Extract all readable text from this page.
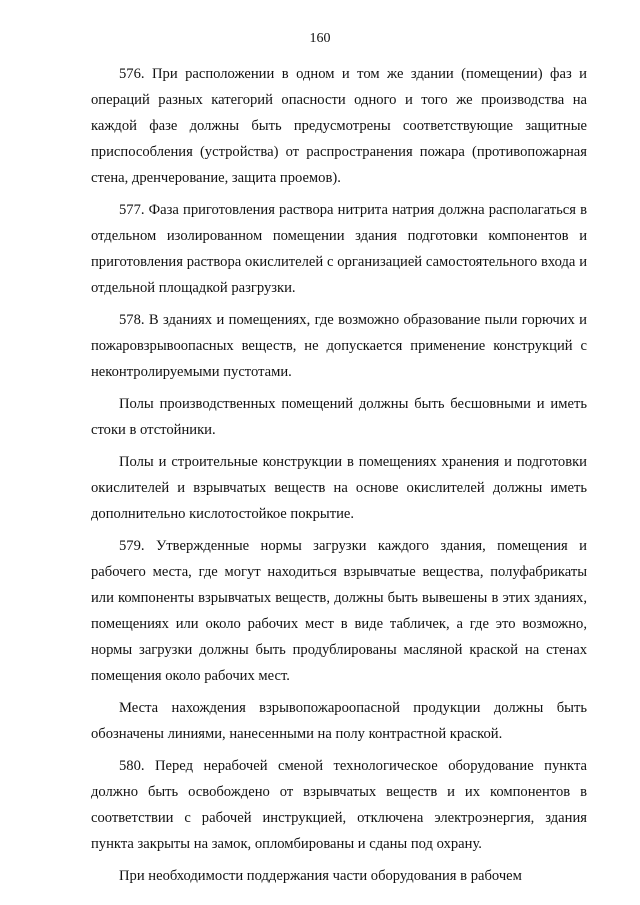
160

576. При расположении в одном и том же здании (помещении) фаз и операций разных категорий опасности одного и того же производства на каждой фазе должны быть предусмотрены соответствующие защитные приспособления (устройства) от распространения пожара (противопожарная стена, дренчерование, защита проемов).

577. Фаза приготовления раствора нитрита натрия должна располагаться в отдельном изолированном помещении здания подготовки компонентов и приготовления раствора окислителей с организацией самостоятельного входа и отдельной площадкой разгрузки.

578. В зданиях и помещениях, где возможно образование пыли горючих и пожаровзрывоопасных веществ, не допускается применение конструкций с неконтролируемыми пустотами.

Полы производственных помещений должны быть бесшовными и иметь стоки в отстойники.

Полы и строительные конструкции в помещениях хранения и подготовки окислителей и взрывчатых веществ на основе окислителей должны иметь дополнительно кислотостойкое покрытие.

579. Утвержденные нормы загрузки каждого здания, помещения и рабочего места, где могут находиться взрывчатые вещества, полуфабрикаты или компоненты взрывчатых веществ, должны быть вывешены в этих зданиях, помещениях или около рабочих мест в виде табличек, а где это возможно, нормы загрузки должны быть продублированы масляной краской на стенах помещения около рабочих мест.

Места нахождения взрывопожароопасной продукции должны быть обозначены линиями, нанесенными на полу контрастной краской.

580. Перед нерабочей сменой технологическое оборудование пункта должно быть освобождено от взрывчатых веществ и их компонентов в соответствии с рабочей инструкцией, отключена электроэнергия, здания пункта закрыты на замок, опломбированы и сданы под охрану.

При необходимости поддержания части оборудования в рабочем
